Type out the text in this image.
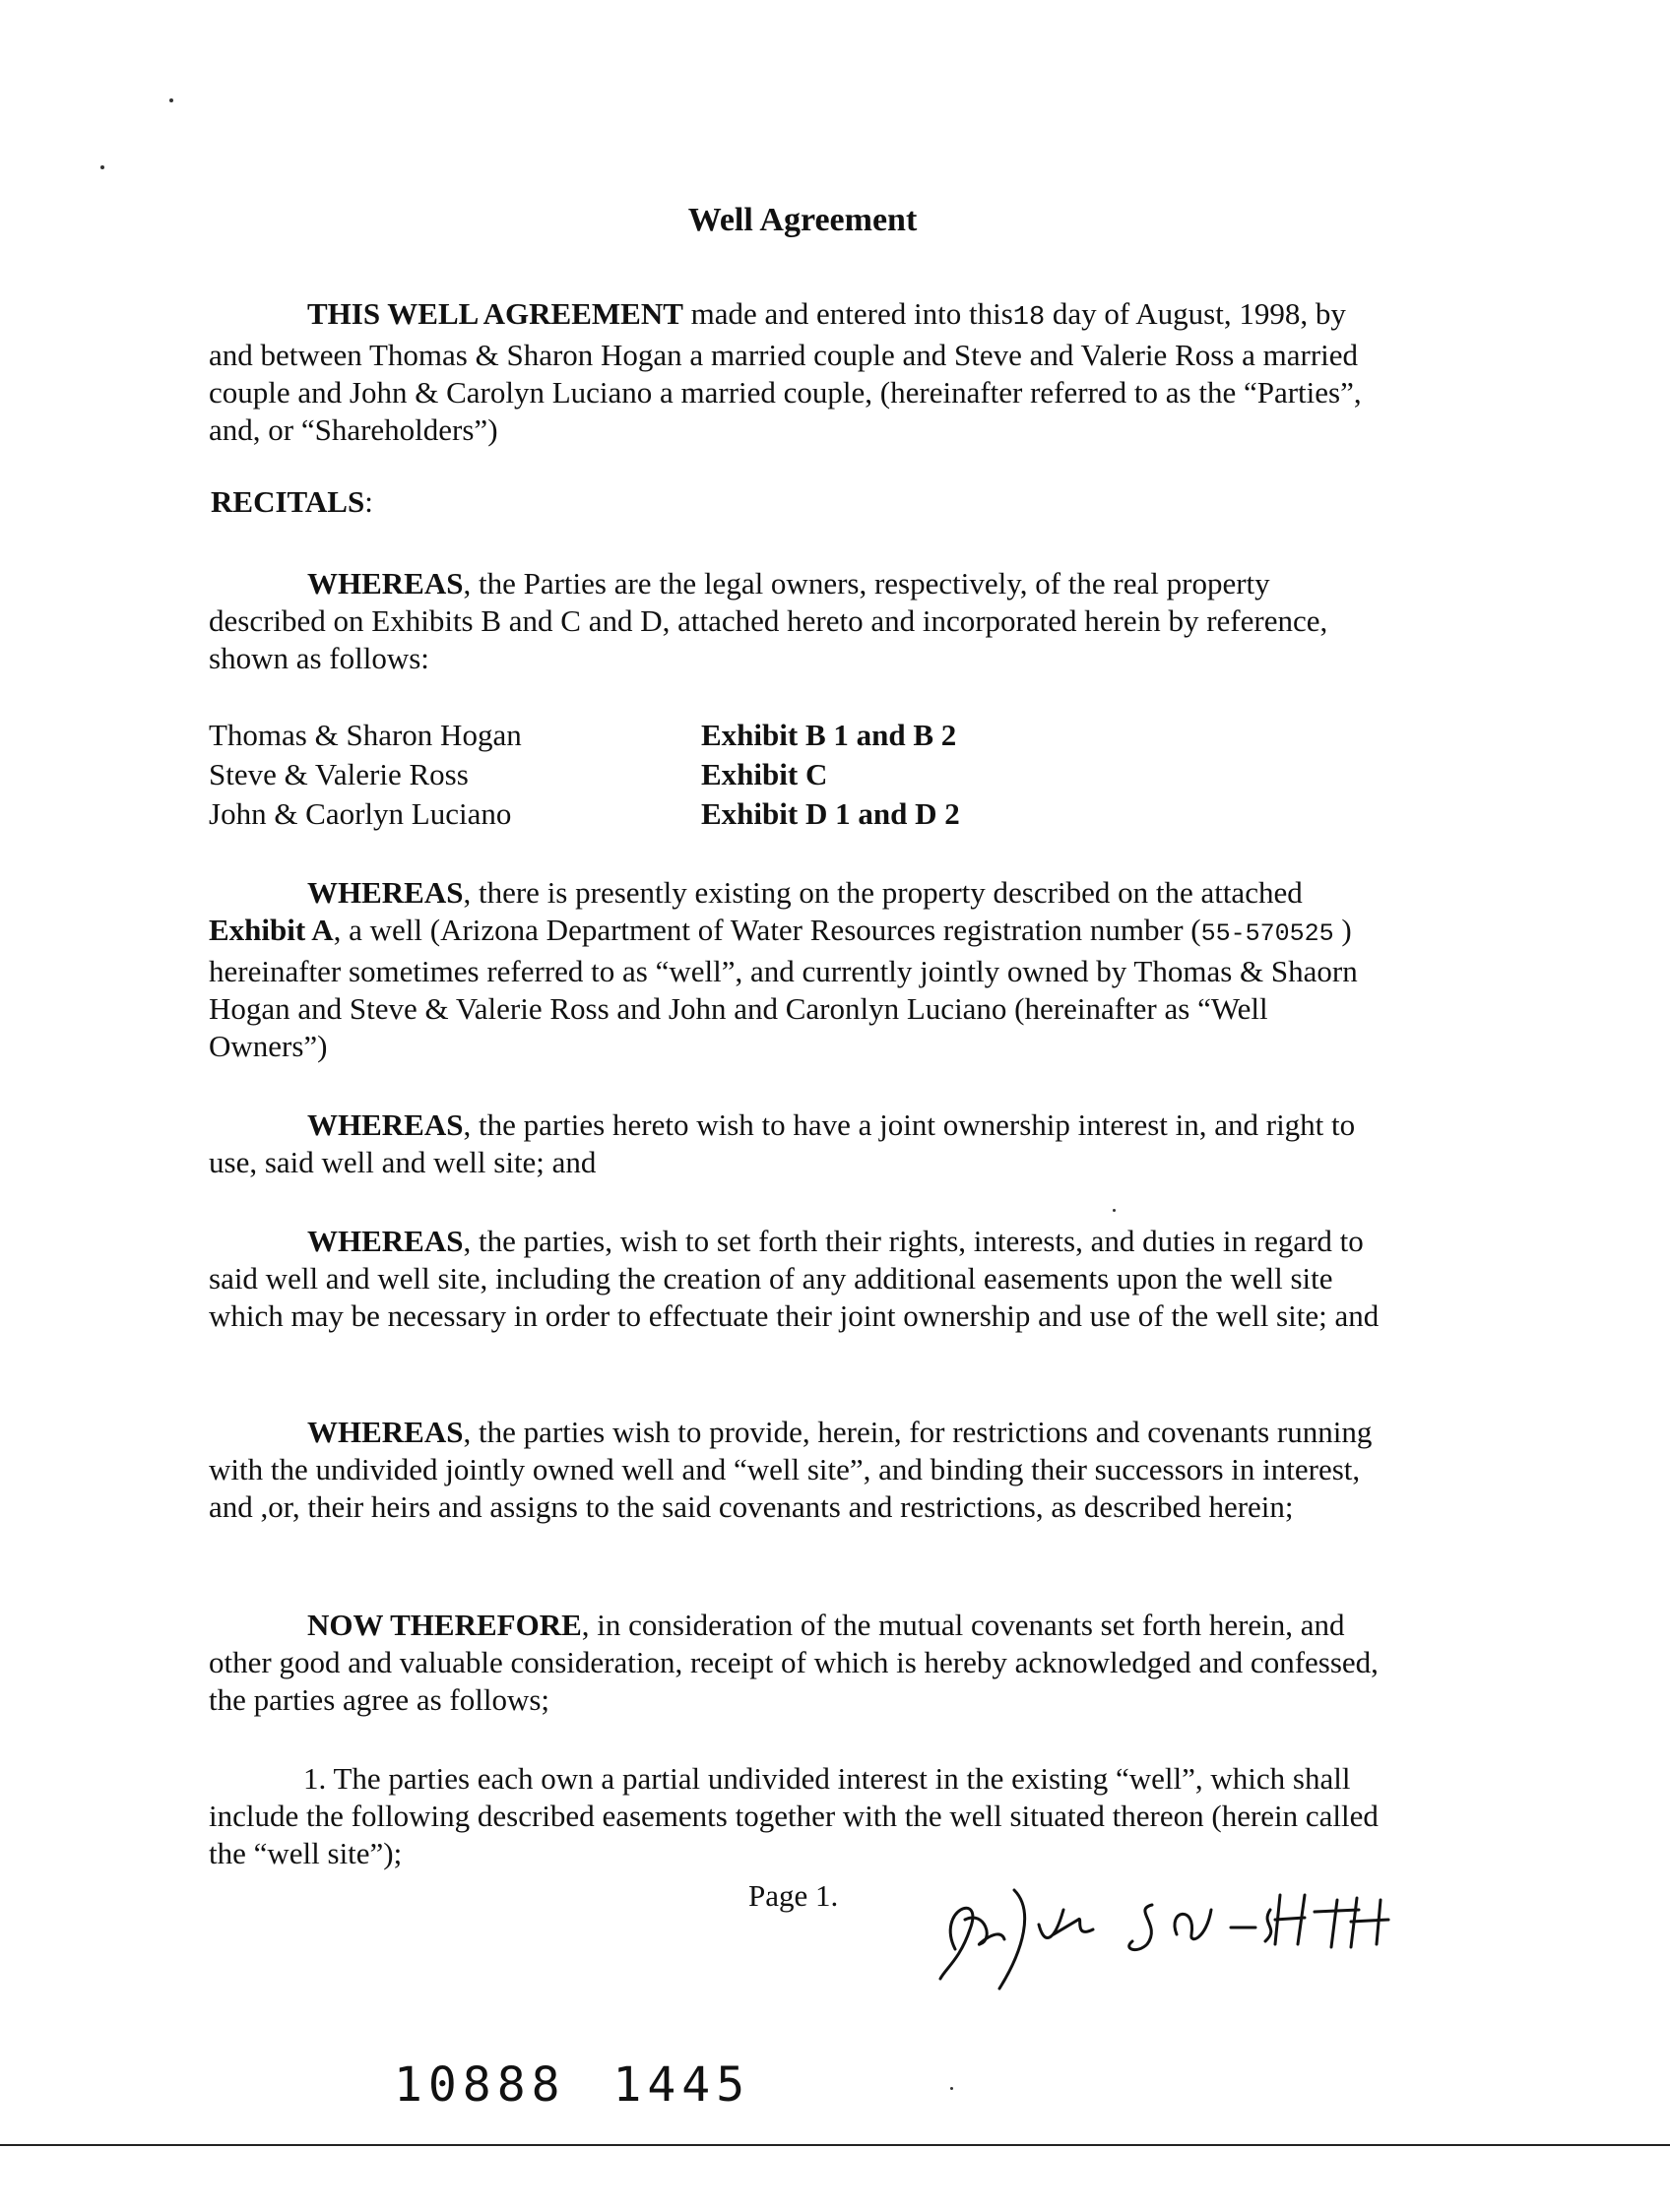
Well Agreement

THIS WELL AGREEMENT made and entered into this18 day of August, 1998, by and between Thomas & Sharon Hogan a married couple and Steve and Valerie Ross a married couple and John & Carolyn Luciano a married couple, (hereinafter referred to as the “Parties”, and, or “Shareholders”)

RECITALS:

WHEREAS, the Parties are the legal owners, respectively, of the real property described on Exhibits B and C and D, attached hereto and incorporated herein by reference, shown as follows:

Thomas & Sharon Hogan	Exhibit B 1 and B 2
Steve & Valerie Ross	Exhibit C
John & Caorlyn Luciano	Exhibit D 1 and D 2

WHEREAS, there is presently existing on the property described on the attached Exhibit A, a well (Arizona Department of Water Resources registration number (55-570525 ) hereinafter sometimes referred to as “well”, and currently jointly owned by Thomas & Shaorn Hogan and Steve & Valerie Ross and John and Caronlyn Luciano (hereinafter as “Well Owners”)

WHEREAS, the parties hereto wish to have a joint ownership interest in, and right to use, said well and well site; and

WHEREAS, the parties, wish to set forth their rights, interests, and duties in regard to said well and well site, including the creation of any additional easements upon the well site which may be necessary in order to effectuate their joint ownership and use of the well site; and

WHEREAS, the parties wish to provide, herein, for restrictions and covenants running with the undivided jointly owned well and “well site”, and binding their successors in interest, and ,or, their heirs and assigns to the said covenants and restrictions, as described herein;

NOW THEREFORE, in consideration of the mutual covenants set forth herein, and other good and valuable consideration, receipt of which is hereby acknowledged and confessed, the parties agree as follows;

1. The parties each own a partial undivided interest in the existing “well”, which shall include the following described easements together with the well situated thereon (herein called the “well site”);

Page 1.
10888 1445
